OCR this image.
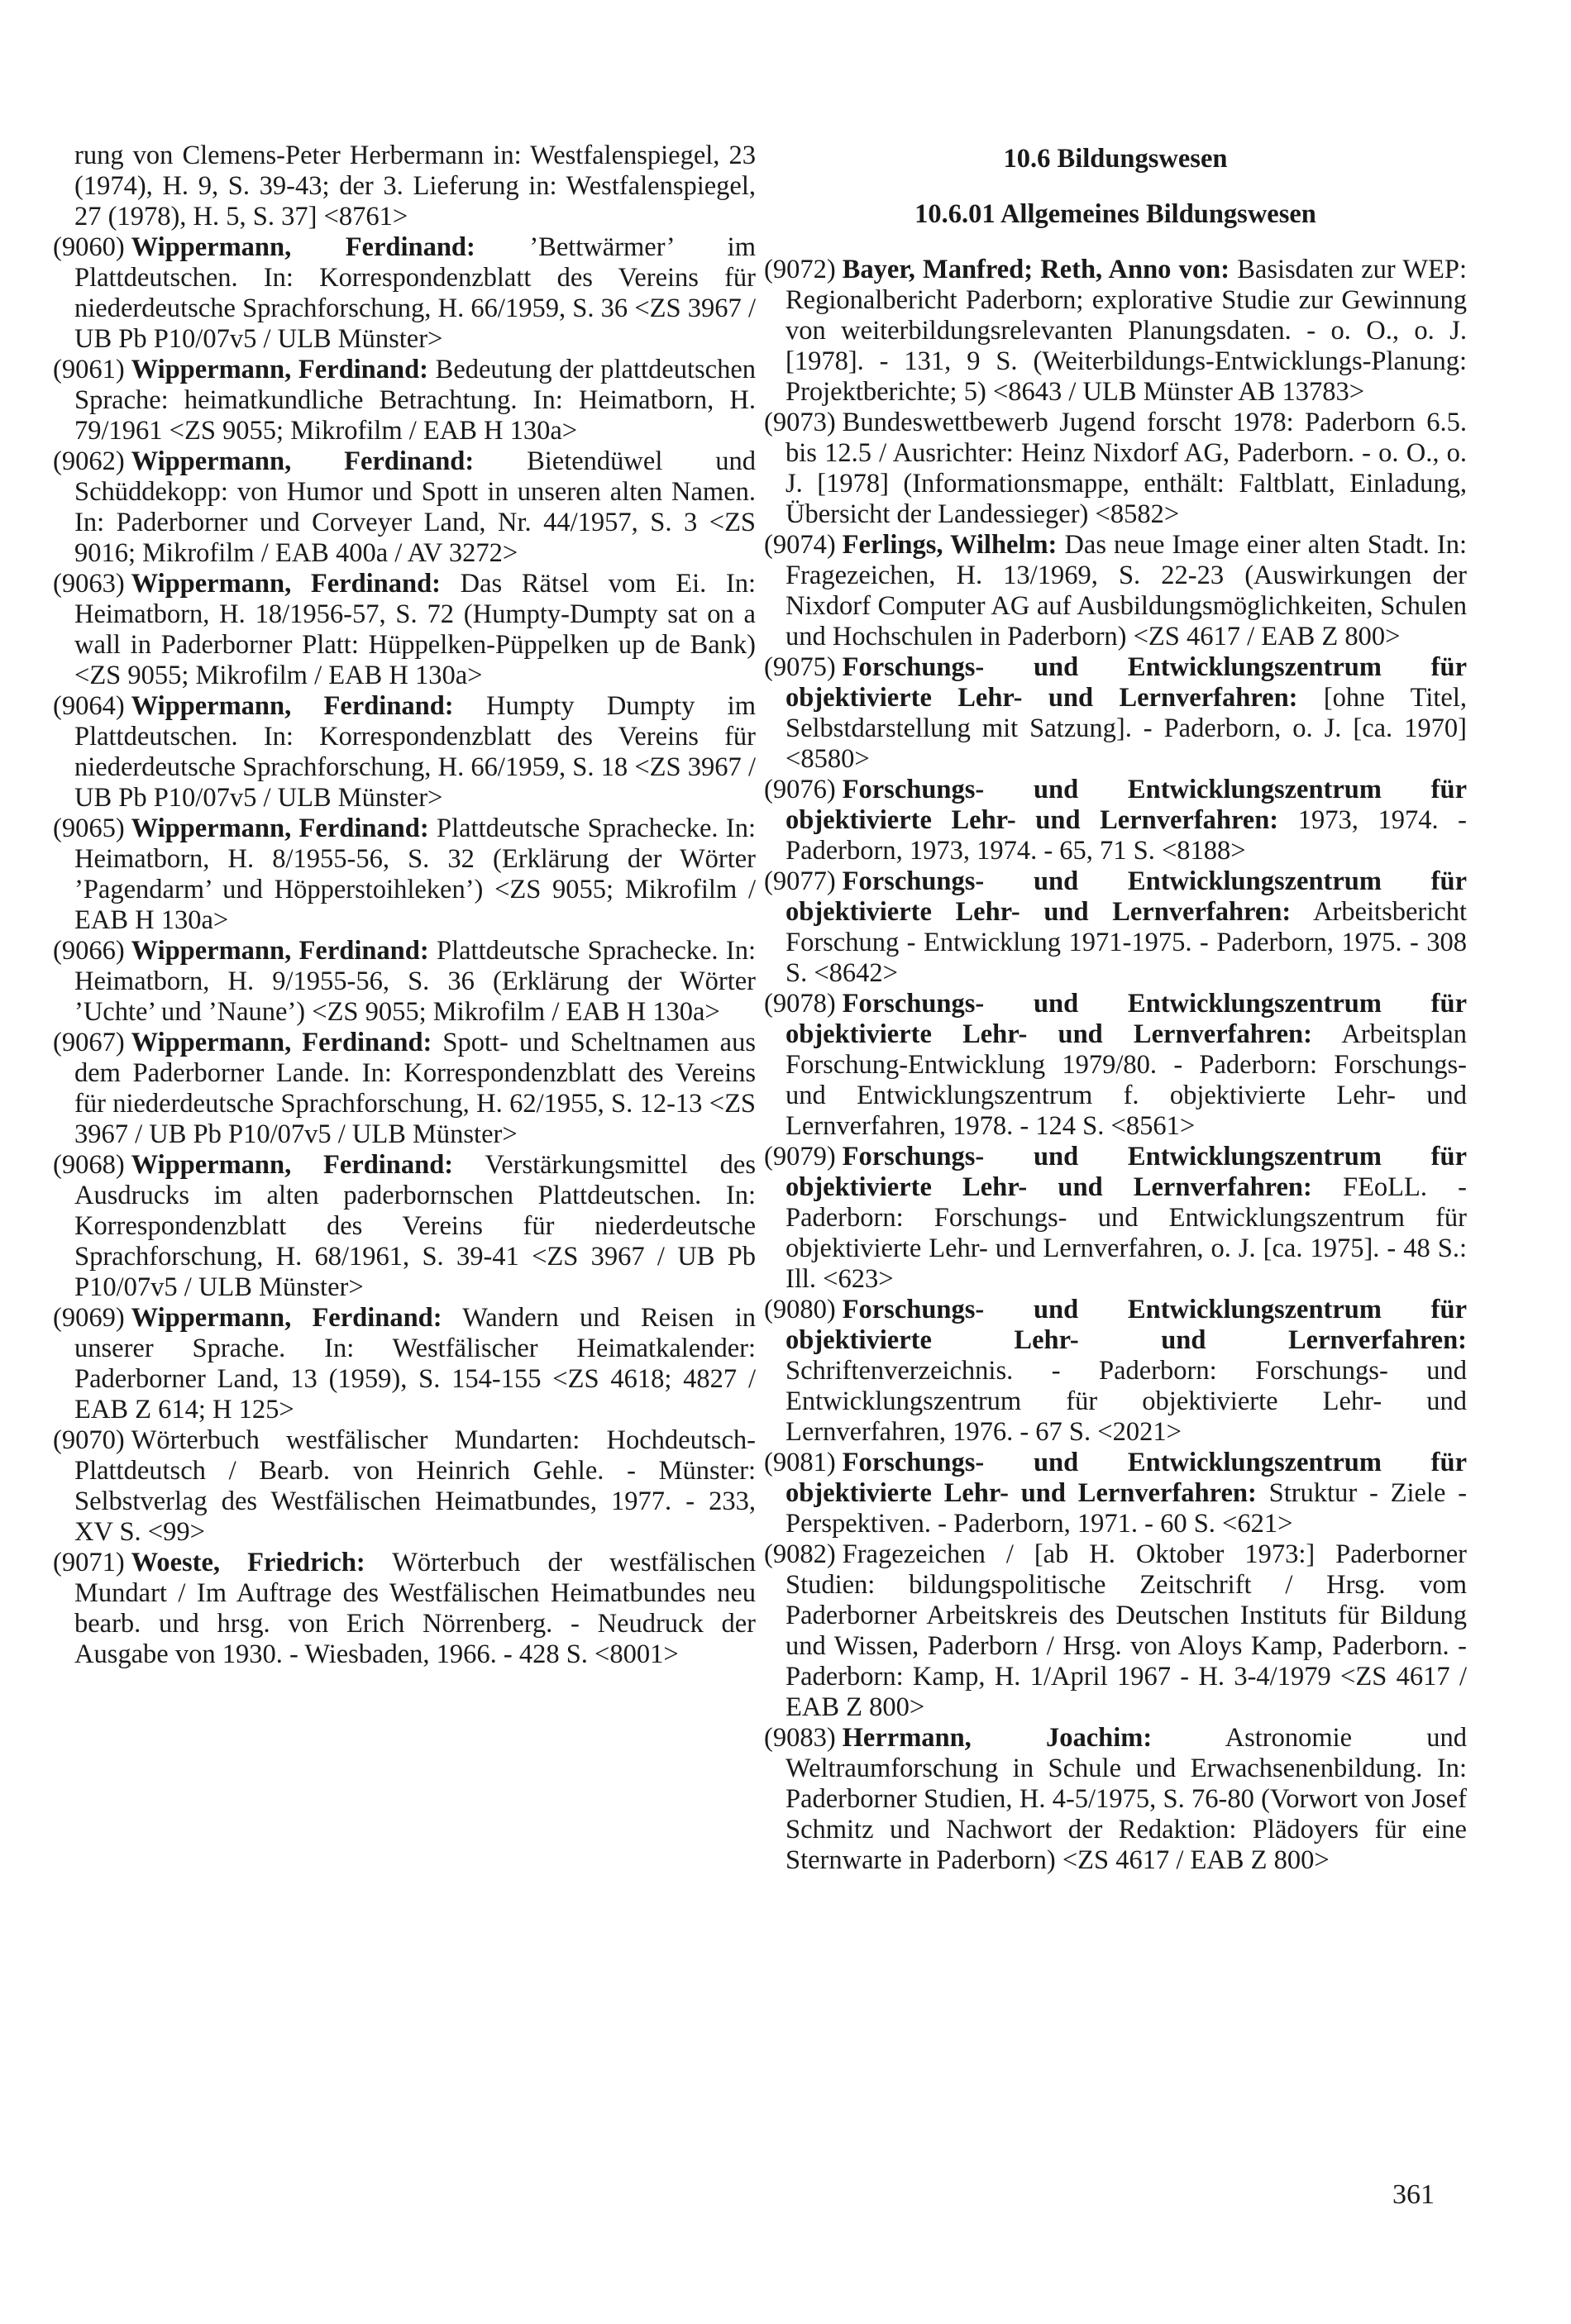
rung von Clemens-Peter Herbermann in: Westfalenspiegel, 23 (1974), H. 9, S. 39-43; der 3. Lieferung in: Westfalenspiegel, 27 (1978), H. 5, S. 37] <8761>

(9060) Wippermann, Ferdinand: ’Bettwärmer’ im Plattdeutschen. In: Korrespondenzblatt des Vereins für niederdeutsche Sprachforschung, H. 66/1959, S. 36 <ZS 3967 / UB Pb P10/07v5 / ULB Münster>

(9061) Wippermann, Ferdinand: Bedeutung der plattdeutschen Sprache: heimatkundliche Betrachtung. In: Heimatborn, H. 79/1961 <ZS 9055; Mikrofilm / EAB H 130a>

(9062) Wippermann, Ferdinand: Bietendüwel und Schüddekopp: von Humor und Spott in unseren alten Namen. In: Paderborner und Corveyer Land, Nr. 44/1957, S. 3 <ZS 9016; Mikrofilm / EAB 400a / AV 3272>

(9063) Wippermann, Ferdinand: Das Rätsel vom Ei. In: Heimatborn, H. 18/1956-57, S. 72 (Humpty-Dumpty sat on a wall in Paderborner Platt: Hüppelken-Püppelken up de Bank) <ZS 9055; Mikrofilm / EAB H 130a>

(9064) Wippermann, Ferdinand: Humpty Dumpty im Plattdeutschen. In: Korrespondenzblatt des Vereins für niederdeutsche Sprachforschung, H. 66/1959, S. 18 <ZS 3967 / UB Pb P10/07v5 / ULB Münster>

(9065) Wippermann, Ferdinand: Plattdeutsche Sprachecke. In: Heimatborn, H. 8/1955-56, S. 32 (Erklärung der Wörter ’Pagendarm’ und Höpperstoihleken’) <ZS 9055; Mikrofilm / EAB H 130a>

(9066) Wippermann, Ferdinand: Plattdeutsche Sprachecke. In: Heimatborn, H. 9/1955-56, S. 36 (Erklärung der Wörter ’Uchte’ und ’Naune’) <ZS 9055; Mikrofilm / EAB H 130a>

(9067) Wippermann, Ferdinand: Spott- und Scheltnamen aus dem Paderborner Lande. In: Korrespondenzblatt des Vereins für niederdeutsche Sprachforschung, H. 62/1955, S. 12-13 <ZS 3967 / UB Pb P10/07v5 / ULB Münster>

(9068) Wippermann, Ferdinand: Verstärkungsmittel des Ausdrucks im alten paderbornschen Plattdeutschen. In: Korrespondenzblatt des Vereins für niederdeutsche Sprachforschung, H. 68/1961, S. 39-41 <ZS 3967 / UB Pb P10/07v5 / ULB Münster>

(9069) Wippermann, Ferdinand: Wandern und Reisen in unserer Sprache. In: Westfälischer Heimatkalender: Paderborner Land, 13 (1959), S. 154-155 <ZS 4618; 4827 / EAB Z 614; H 125>

(9070) Wörterbuch westfälischer Mundarten: Hochdeutsch-Plattdeutsch / Bearb. von Heinrich Gehle. - Münster: Selbstverlag des Westfälischen Heimatbundes, 1977. - 233, XV S. <99>

(9071) Woeste, Friedrich: Wörterbuch der westfälischen Mundart / Im Auftrage des Westfälischen Heimatbundes neu bearb. und hrsg. von Erich Nörrenberg. - Neudruck der Ausgabe von 1930. - Wiesbaden, 1966. - 428 S. <8001>

10.6 Bildungswesen

10.6.01 Allgemeines Bildungswesen

(9072) Bayer, Manfred; Reth, Anno von: Basisdaten zur WEP: Regionalbericht Paderborn; explorative Studie zur Gewinnung von weiterbildungsrelevanten Planungsdaten. - o. O., o. J. [1978]. - 131, 9 S. (Weiterbildungs-Entwicklungs-Planung: Projektberichte; 5) <8643 / ULB Münster AB 13783>

(9073) Bundeswettbewerb Jugend forscht 1978: Paderborn 6.5. bis 12.5 / Ausrichter: Heinz Nixdorf AG, Paderborn. - o. O., o. J. [1978] (Informationsmappe, enthält: Faltblatt, Einladung, Übersicht der Landessieger) <8582>

(9074) Ferlings, Wilhelm: Das neue Image einer alten Stadt. In: Fragezeichen, H. 13/1969, S. 22-23 (Auswirkungen der Nixdorf Computer AG auf Ausbildungsmöglichkeiten, Schulen und Hochschulen in Paderborn) <ZS 4617 / EAB Z 800>

(9075) Forschungs- und Entwicklungszentrum für objektivierte Lehr- und Lernverfahren: [ohne Titel, Selbstdarstellung mit Satzung]. - Paderborn, o. J. [ca. 1970] <8580>

(9076) Forschungs- und Entwicklungszentrum für objektivierte Lehr- und Lernverfahren: 1973, 1974. - Paderborn, 1973, 1974. - 65, 71 S. <8188>

(9077) Forschungs- und Entwicklungszentrum für objektivierte Lehr- und Lernverfahren: Arbeitsbericht Forschung - Entwicklung 1971-1975. - Paderborn, 1975. - 308 S. <8642>

(9078) Forschungs- und Entwicklungszentrum für objektivierte Lehr- und Lernverfahren: Arbeitsplan Forschung-Entwicklung 1979/80. - Paderborn: Forschungs- und Entwicklungszentrum f. objektivierte Lehr- und Lernverfahren, 1978. - 124 S. <8561>

(9079) Forschungs- und Entwicklungszentrum für objektivierte Lehr- und Lernverfahren: FEoLL. - Paderborn: Forschungs- und Entwicklungszentrum für objektivierte Lehr- und Lernverfahren, o. J. [ca. 1975]. - 48 S.: Ill. <623>

(9080) Forschungs- und Entwicklungszentrum für objektivierte Lehr- und Lernverfahren: Schriftenverzeichnis. - Paderborn: Forschungs- und Entwicklungszentrum für objektivierte Lehr- und Lernverfahren, 1976. - 67 S. <2021>

(9081) Forschungs- und Entwicklungszentrum für objektivierte Lehr- und Lernverfahren: Struktur - Ziele - Perspektiven. - Paderborn, 1971. - 60 S. <621>

(9082) Fragezeichen / [ab H. Oktober 1973:] Paderborner Studien: bildungspolitische Zeitschrift / Hrsg. vom Paderborner Arbeitskreis des Deutschen Instituts für Bildung und Wissen, Paderborn / Hrsg. von Aloys Kamp, Paderborn. - Paderborn: Kamp, H. 1/April 1967 - H. 3-4/1979 <ZS 4617 / EAB Z 800>

(9083) Herrmann, Joachim:	Astronomie und Weltraumforschung in Schule und Erwachsenenbildung. In: Paderborner Studien, H. 4-5/1975, S. 76-80 (Vorwort von Josef Schmitz und Nachwort der Redaktion: Plädoyers für eine Sternwarte in Paderborn) <ZS 4617 / EAB Z 800>

361
